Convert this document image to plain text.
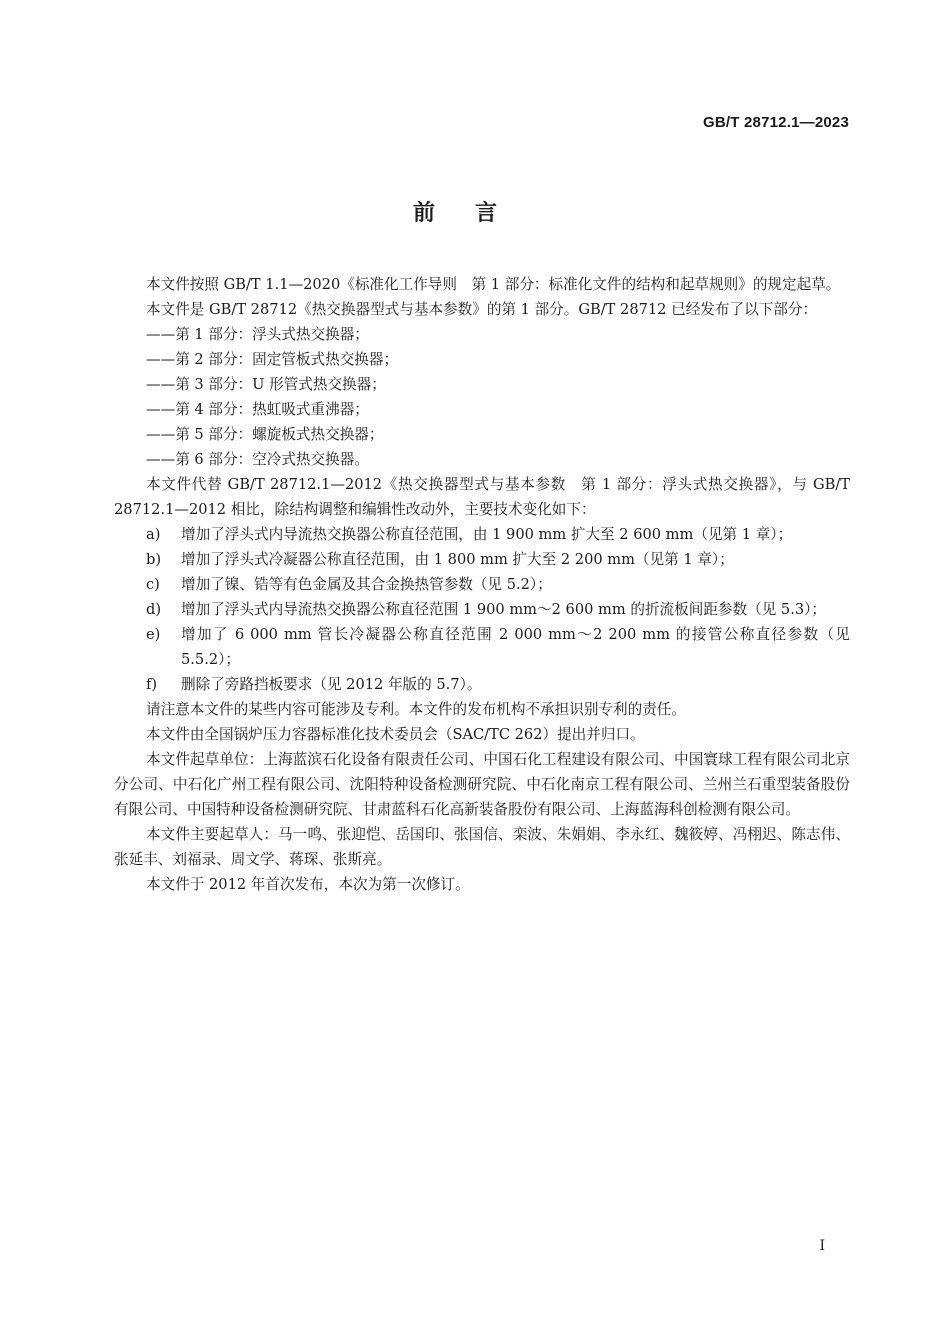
GB/T 28712.1—2023
前言

本文件按照 GB/T 1.1—2020《标准化工作导则　第 1 部分：标准化文件的结构和起草规则》的规定起草。

本文件是 GB/T 28712《热交换器型式与基本参数》的第 1 部分。GB/T 28712 已经发布了以下部分：

——第 1 部分：浮头式热交换器；

——第 2 部分：固定管板式热交换器；

——第 3 部分：U 形管式热交换器；

——第 4 部分：热虹吸式重沸器；

——第 5 部分：螺旋板式热交换器；

——第 6 部分：空冷式热交换器。

本文件代替 GB/T 28712.1—2012《热交换器型式与基本参数　第 1 部分：浮头式热交换器》，与 GB/T 28712.1—2012 相比，除结构调整和编辑性改动外，主要技术变化如下：

a)	增加了浮头式内导流热交换器公称直径范围，由 1 900 mm 扩大至 2 600 mm（见第 1 章）；
b)	增加了浮头式冷凝器公称直径范围，由 1 800 mm 扩大至 2 200 mm（见第 1 章）；
c)	增加了镍、锆等有色金属及其合金换热管参数（见 5.2）；
d)	增加了浮头式内导流热交换器公称直径范围 1 900 mm～2 600 mm 的折流板间距参数（见 5.3）；
e)	增加了 6 000 mm 管长冷凝器公称直径范围 2 000 mm～2 200 mm 的接管公称直径参数（见 5.5.2）；
f)	删除了旁路挡板要求（见 2012 年版的 5.7）。

请注意本文件的某些内容可能涉及专利。本文件的发布机构不承担识别专利的责任。

本文件由全国锅炉压力容器标准化技术委员会（SAC/TC 262）提出并归口。

本文件起草单位：上海蓝滨石化设备有限责任公司、中国石化工程建设有限公司、中国寰球工程有限公司北京分公司、中石化广州工程有限公司、沈阳特种设备检测研究院、中石化南京工程有限公司、兰州兰石重型装备股份有限公司、中国特种设备检测研究院、甘肃蓝科石化高新装备股份有限公司、上海蓝海科创检测有限公司。

本文件主要起草人：马一鸣、张迎恺、岳国印、张国信、栾波、朱娟娟、李永红、魏筱婷、冯栩迟、陈志伟、张延丰、刘福录、周文学、蒋琛、张斯亮。

本文件于 2012 年首次发布，本次为第一次修订。

I
